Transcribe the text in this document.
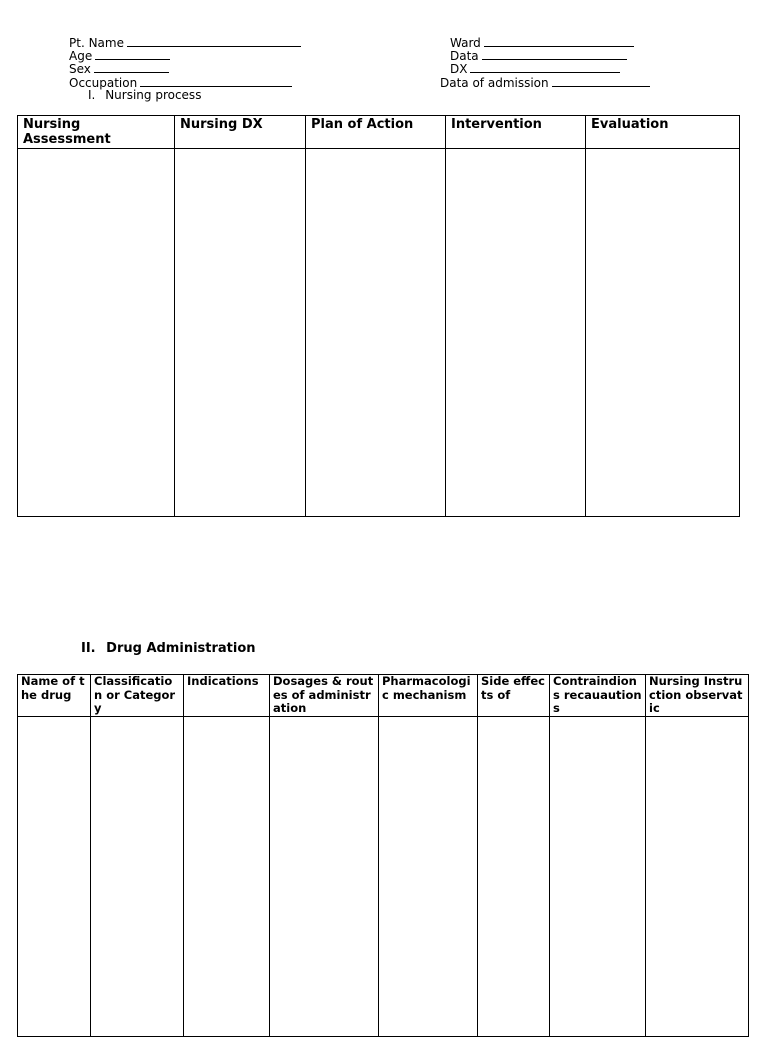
Pt. Name
Age
Sex
Occupation
Ward
Data
DX
Data of admission
I. Nursing process
Nursing Assessment	Nursing DX	Plan of Action	Intervention	Evaluation

II. Drug Administration
Name of the drug	Classification or Category	Indications	Dosages & routes of administration	Pharmacologic mechanism	Side effects of	Contraindions recauautions	Nursing Instruction observatic
